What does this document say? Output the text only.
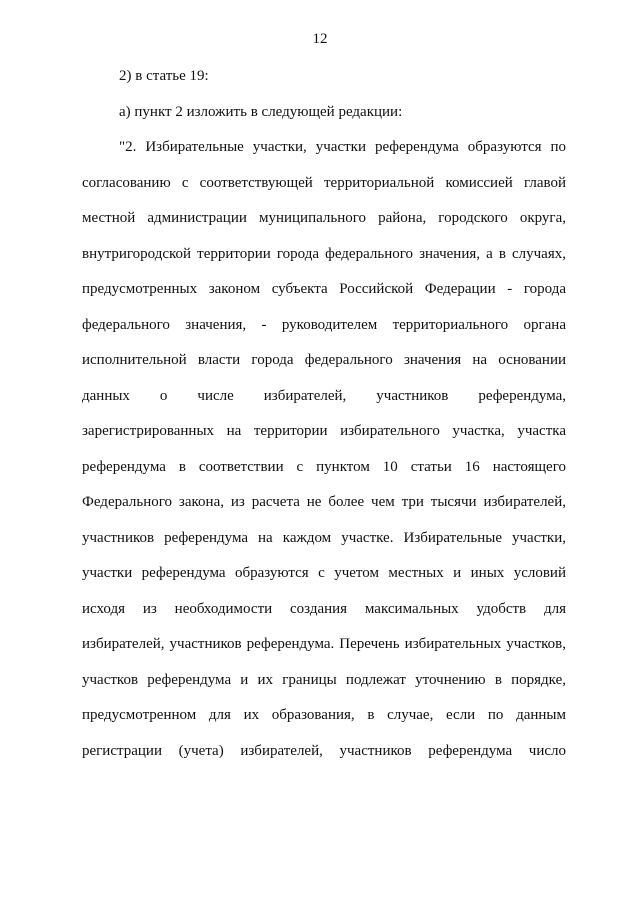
12
2) в статье 19:
а) пункт 2 изложить в следующей редакции:
"2. Избирательные участки, участки референдума образуются по
согласованию с соответствующей территориальной комиссией главой
местной администрации муниципального района, городского округа,
внутригородской территории города федерального значения, а в случаях,
предусмотренных законом субъекта Российской Федерации - города
федерального значения, - руководителем территориального органа
исполнительной власти города федерального значения на основании
данных о числе избирателей, участников референдума,
зарегистрированных на территории избирательного участка, участка
референдума в соответствии с пунктом 10 статьи 16 настоящего
Федерального закона, из расчета не более чем три тысячи избирателей,
участников референдума на каждом участке. Избирательные участки,
участки референдума образуются с учетом местных и иных условий
исходя из необходимости создания максимальных удобств для
избирателей, участников референдума. Перечень избирательных участков,
участков референдума и их границы подлежат уточнению в порядке,
предусмотренном для их образования, в случае, если по данным
регистрации (учета) избирателей, участников референдума число
